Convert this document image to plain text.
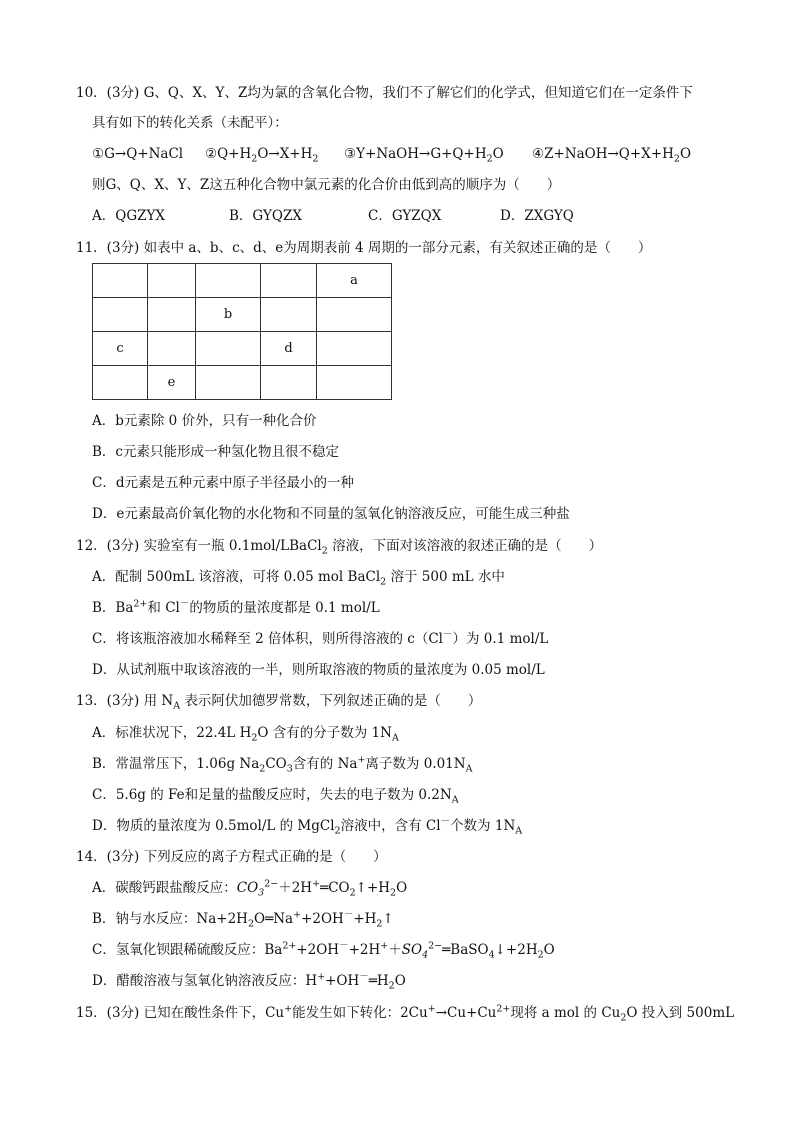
10．(3分) G、Q、X、Y、Z均为氯的含氧化合物，我们不了解它们的化学式，但知道它们在一定条件下
具有如下的转化关系（未配平）：
①G→Q+NaCl $②Q+H_2O\to X+H_2$ $③Y+NaOH\to G+Q+H_2O$ $④Z+NaOH\to Q+X+H_2O$
则G、Q、X、Y、Z这五种化合物中氯元素的化合价由低到高的顺序为（　　）
A．QGZYX	B．GYQZX	C．GYZQX	D．ZXGYQ
11．(3分) 如表中 a、b、c、d、e为周期表前 4 周期的一部分元素，有关叙述正确的是（　　）
				a
		b		
c			d	
	e			
A．b元素除 0 价外，只有一种化合价
B．c元素只能形成一种氢化物且很不稳定
C．d元素是五种元素中原子半径最小的一种
D．e元素最高价氧化物的水化物和不同量的氢氧化钠溶液反应，可能生成三种盐
12．(3分) 实验室有一瓶 0.1mol/LBaCl$_2$ 溶液，下面对该溶液的叙述正确的是（　　）
A．配制 500mL 该溶液，可将 0.05 mol BaCl$_2$ 溶于 500 mL 水中
B．$Ba^{2+}$和 Cl－的物质的量浓度都是 0.1 mol/L
C．将该瓶溶液加水稀释至 2 倍体积，则所得溶液的 c（Cl－）为 0.1 mol/L
D．从试剂瓶中取该溶液的一半，则所取溶液的物质的量浓度为 0.05 mol/L
13．(3分) 用 $N_A$ 表示阿伏加德罗常数，下列叙述正确的是（　　）
A．标准状况下，22.4L $H_2O$ 含有的分子数为 $1N_A$
B．常温常压下，1.06g $Na_2CO_3$含有的 Na+离子数为 $0.01N_A$
C．5.6g 的 Fe和足量的盐酸反应时，失去的电子数为 $0.2N_A$
D．物质的量浓度为 0.5mol/L 的 MgCl$_2$溶液中，含有 Cl－个数为 $1N_A$
14．(3分) 下列反应的离子方程式正确的是（　　）
A．碳酸钙跟盐酸反应：$CO_3^{2-}+2H^+═CO_2↑+H_2O$
B．钠与水反应：$Na+2H_2O═Na^++2OH^-+H_2↑$
C．氢氧化钡跟稀硫酸反应：$Ba^{2+}+2OH^-+2H^++SO_4^{2-}═BaSO_4↓+2H_2O$
D．醋酸溶液与氢氧化钠溶液反应：$H^++OH^-═H_2O$
15．(3分) 已知在酸性条件下，Cu+能发生如下转化：$2Cu^+\to Cu+Cu^{2+}$现将 a mol 的 $Cu_2O$ 投入到 500mL
